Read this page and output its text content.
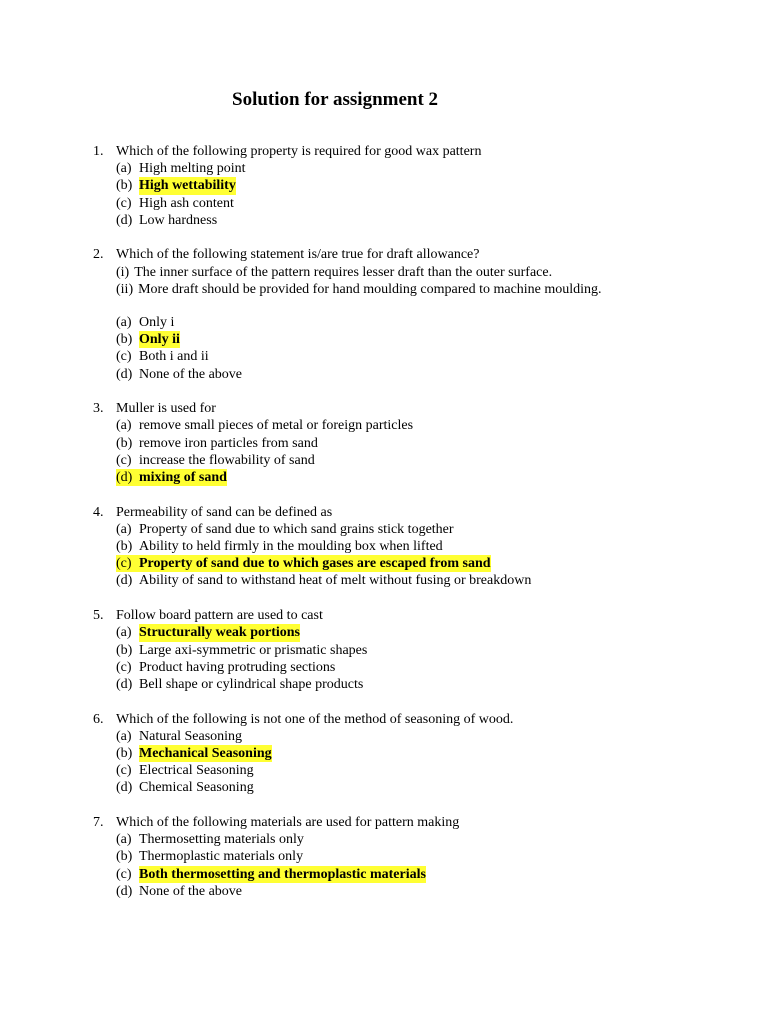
Solution for assignment 2
1. Which of the following property is required for good wax pattern
(a) High melting point
(b) High wettability
(c) High ash content
(d) Low hardness
2. Which of the following statement is/are true for draft allowance?
(i) The inner surface of the pattern requires lesser draft than the outer surface.
(ii) More draft should be provided for hand moulding compared to machine moulding.
(a) Only i
(b) Only ii
(c) Both i and ii
(d) None of the above
3. Muller is used for
(a) remove small pieces of metal or foreign particles
(b) remove iron particles from sand
(c) increase the flowability of sand
(d) mixing of sand
4. Permeability of sand can be defined as
(a) Property of sand due to which sand grains stick together
(b) Ability to held firmly in the moulding box when lifted
(c) Property of sand due to which gases are escaped from sand
(d) Ability of sand to withstand heat of melt without fusing or breakdown
5. Follow board pattern are used to cast
(a) Structurally weak portions
(b) Large axi-symmetric or prismatic shapes
(c) Product having protruding sections
(d) Bell shape or cylindrical shape products
6. Which of the following is not one of the method of seasoning of wood.
(a) Natural Seasoning
(b) Mechanical Seasoning
(c) Electrical Seasoning
(d) Chemical Seasoning
7. Which of the following materials are used for pattern making
(a) Thermosetting materials only
(b) Thermoplastic materials only
(c) Both thermosetting and thermoplastic materials
(d) None of the above
